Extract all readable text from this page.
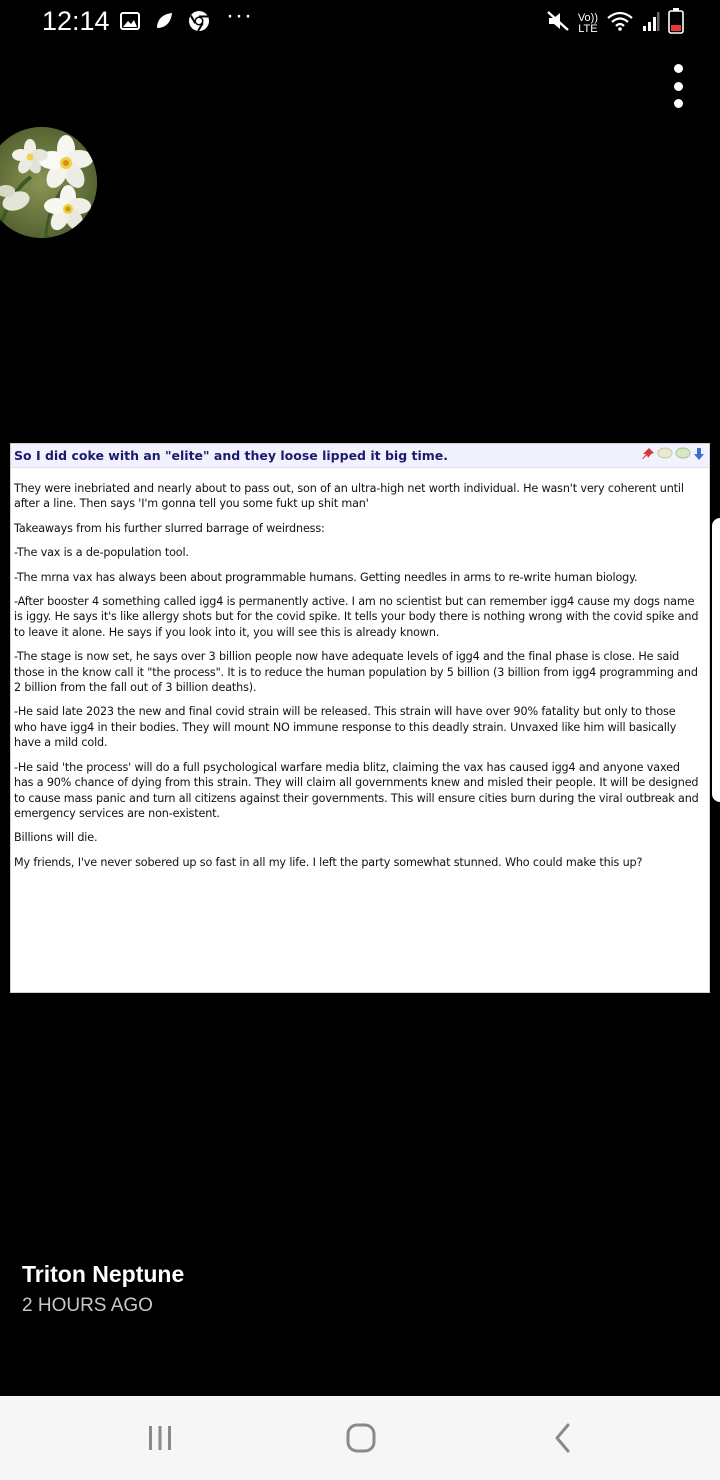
12:14	···	Vo))
LTE
So I did coke with an "elite" and they loose lipped it big time.

They were inebriated and nearly about to pass out, son of an ultra-high net worth individual. He wasn't very coherent until after a line. Then says 'I'm gonna tell you some fukt up shit man'

Takeaways from his further slurred barrage of weirdness:

-The vax is a de-population tool.

-The mrna vax has always been about programmable humans. Getting needles in arms to re-write human biology.

-After booster 4 something called igg4 is permanently active. I am no scientist but can remember igg4 cause my dogs name is iggy. He says it's like allergy shots but for the covid spike. It tells your body there is nothing wrong with the covid spike and to leave it alone. He says if you look into it, you will see this is already known.

-The stage is now set, he says over 3 billion people now have adequate levels of igg4 and the final phase is close. He said those in the know call it "the process". It is to reduce the human population by 5 billion (3 billion from igg4 programming and 2 billion from the fall out of 3 billion deaths).

-He said late 2023 the new and final covid strain will be released. This strain will have over 90% fatality but only to those who have igg4 in their bodies. They will mount NO immune response to this deadly strain. Unvaxed like him will basically have a mild cold.

-He said 'the process' will do a full psychological warfare media blitz, claiming the vax has caused igg4 and anyone vaxed has a 90% chance of dying from this strain. They will claim all governments knew and misled their people. It will be designed to cause mass panic and turn all citizens against their governments. This will ensure cities burn during the viral outbreak and emergency services are non-existent.

Billions will die.

My friends, I've never sobered up so fast in all my life. I left the party somewhat stunned. Who could make this up?

Triton Neptune
2 HOURS AGO
